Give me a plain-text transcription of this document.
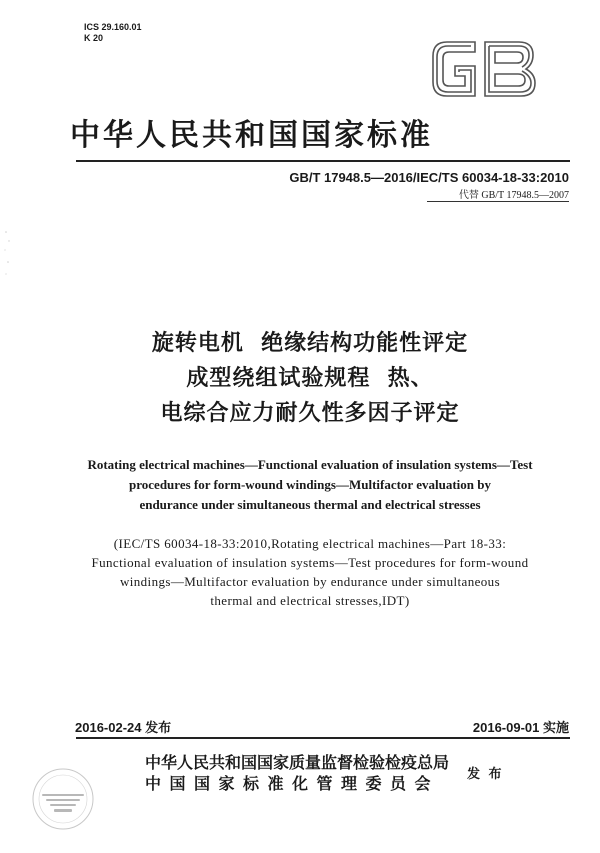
ICS 29.160.01
K 20
中华人民共和国国家标准
GB/T 17948.5—2016/IEC/TS 60034-18-33:2010
代替 GB/T 17948.5—2007
旋转电机  绝缘结构功能性评定
成型绕组试验规程  热、
电综合应力耐久性多因子评定
Rotating electrical machines—Functional evaluation of insulation systems—Test
procedures for form-wound windings—Multifactor evaluation by
endurance under simultaneous thermal and electrical stresses
(IEC/TS 60034-18-33:2010,Rotating electrical machines—Part 18-33:
Functional evaluation of insulation systems—Test procedures for form-wound
windings—Multifactor evaluation by endurance under simultaneous
thermal and electrical stresses,IDT)
2016-02-24 发布	2016-09-01 实施
中华人民共和国国家质量监督检验检疫总局
中国国家标准化管理委员会	发 布
